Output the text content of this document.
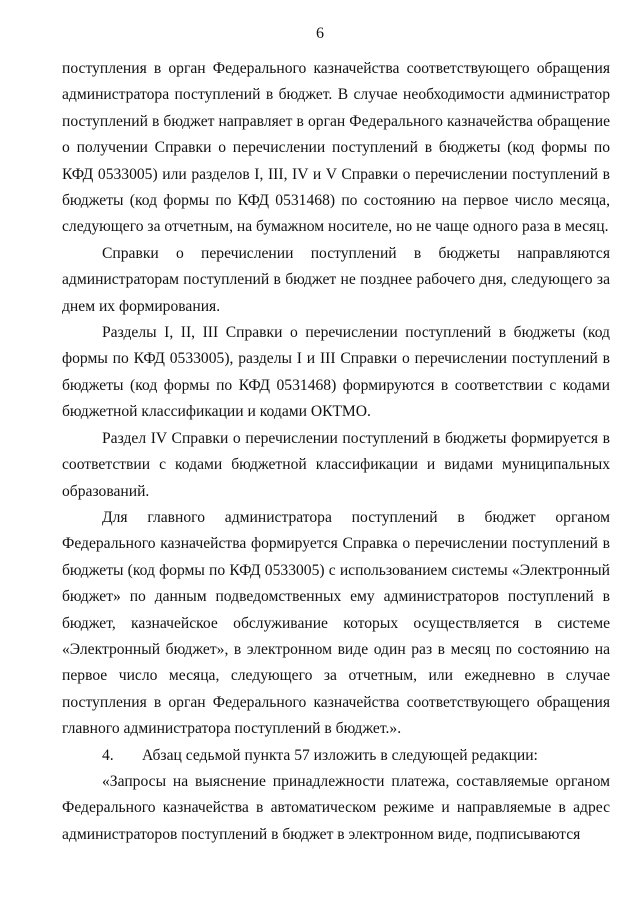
6

поступления в орган Федерального казначейства соответствующего обращения администратора поступлений в бюджет. В случае необходимости администратор поступлений в бюджет направляет в орган Федерального казначейства обращение о получении Справки о перечислении поступлений в бюджеты (код формы по КФД 0533005) или разделов I, III, IV и V Справки о перечислении поступлений в бюджеты (код формы по КФД 0531468) по состоянию на первое число месяца, следующего за отчетным, на бумажном носителе, но не чаще одного раза в месяц.

Справки о перечислении поступлений в бюджеты направляются администраторам поступлений в бюджет не позднее рабочего дня, следующего за днем их формирования.

Разделы I, II, III Справки о перечислении поступлений в бюджеты (код формы по КФД 0533005), разделы I и III Справки о перечислении поступлений в бюджеты (код формы по КФД 0531468) формируются в соответствии с кодами бюджетной классификации и кодами ОКТМО.

Раздел IV Справки о перечислении поступлений в бюджеты формируется в соответствии с кодами бюджетной классификации и видами муниципальных образований.

Для главного администратора поступлений в бюджет органом Федерального казначейства формируется Справка о перечислении поступлений в бюджеты (код формы по КФД 0533005) с использованием системы «Электронный бюджет» по данным подведомственных ему администраторов поступлений в бюджет, казначейское обслуживание которых осуществляется в системе «Электронный бюджет», в электронном виде один раз в месяц по состоянию на первое число месяца, следующего за отчетным, или ежедневно в случае поступления в орган Федерального казначейства соответствующего обращения главного администратора поступлений в бюджет.».

4. Абзац седьмой пункта 57 изложить в следующей редакции:

«Запросы на выяснение принадлежности платежа, составляемые органом Федерального казначейства в автоматическом режиме и направляемые в адрес администраторов поступлений в бюджет в электронном виде, подписываются
